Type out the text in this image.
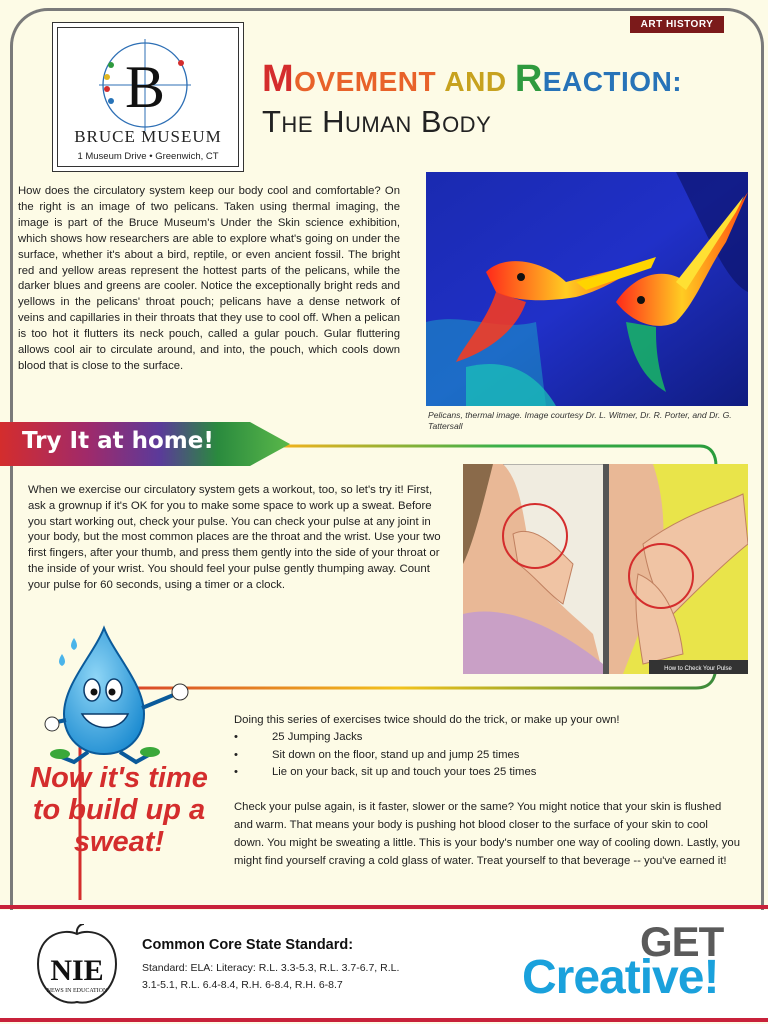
ART HISTORY
B
BRUCE MUSEUM
1 Museum Drive • Greenwich, CT
MOVEMENT AND REACTION:
The Human Body
How does the circulatory system keep our body cool and comfortable? On the right is an image of two pelicans. Taken using thermal imaging, the image is part of the Bruce Museum's Under the Skin science exhibition, which shows how researchers are able to explore what's going on under the surface, whether it's about a bird, reptile, or even ancient fossil. The bright red and yellow areas represent the hottest parts of the pelicans, while the darker blues and greens are cooler. Notice the exceptionally bright reds and yellows in the pelicans' throat pouch; pelicans have a dense network of veins and capillaries in their throats that they use to cool off. When a pelican is too hot it flutters its neck pouch, called a gular pouch. Gular fluttering allows cool air to circulate around, and into, the pouch, which cools down blood that is close to the surface.
Pelicans, thermal image. Image courtesy Dr. L. Witmer, Dr. R. Porter, and Dr. G. Tattersall
Try It at home!
When we exercise our circulatory system gets a workout, too, so let's try it! First, ask a grownup if it's OK for you to make some space to work up a sweat. Before you start working out, check your pulse. You can check your pulse at any joint in your body, but the most common places are the throat and the wrist. Use your two first fingers, after your thumb, and press them gently into the side of your throat or the inside of your wrist. You should feel your pulse gently thumping away. Count your pulse for 60 seconds, using a timer or a clock.
How to Check Your Pulse
Now it's time to build up a sweat!
Doing this series of exercises twice should do the trick, or make up your own!
•	25 Jumping Jacks
•	Sit down on the floor, stand up and jump 25 times
•	Lie on your back, sit up and touch your toes 25 times
Check your pulse again, is it faster, slower or the same? You might notice that your skin is flushed and warm. That means your body is pushing hot blood closer to the surface of your skin to cool down. You might be sweating a little. This is your body's number one way of cooling down. Lastly, you might find yourself craving a cold glass of water. Treat yourself to that beverage -- you've earned it!
NIE
NEWS IN EDUCATION
Common Core State Standard:
Standard: ELA: Literacy: R.L. 3.3-5.3, R.L. 3.7-6.7, R.L. 3.1-5.1, R.L. 6.4-8.4, R.H. 6-8.4, R.H. 6-8.7
GET
Creative!
